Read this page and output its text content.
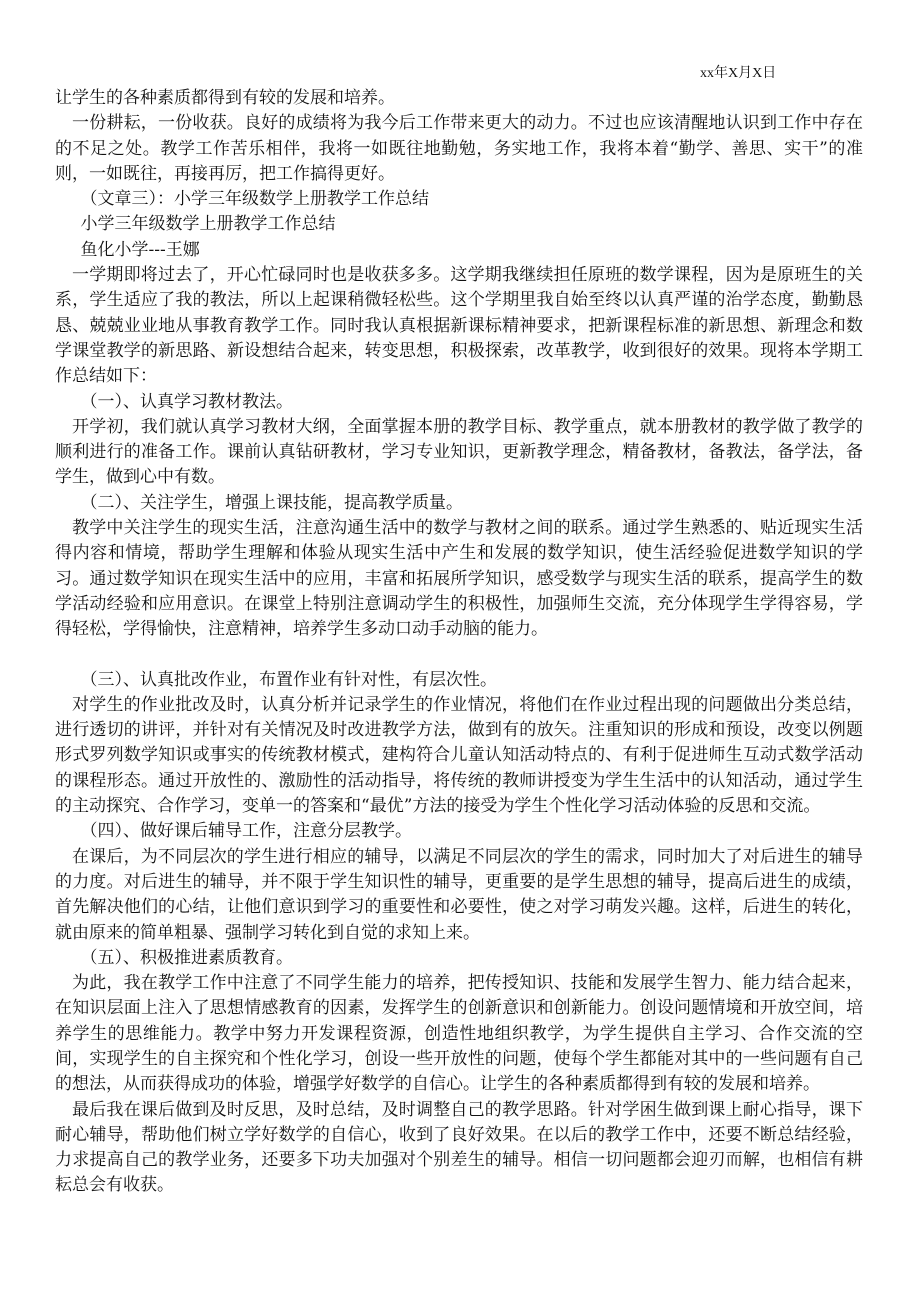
xx年X月X日

让学生的各种素质都得到有较的发展和培养。

一份耕耘，一份收获。良好的成绩将为我今后工作带来更大的动力。不过也应该清醒地认识到工作中存在的不足之处。教学工作苦乐相伴，我将一如既往地勤勉，务实地工作，我将本着“勤学、善思、实干”的准则，一如既往，再接再厉，把工作搞得更好。

（文章三）：小学三年级数学上册教学工作总结

小学三年级数学上册教学工作总结

鱼化小学---王娜

一学期即将过去了，开心忙碌同时也是收获多多。这学期我继续担任原班的数学课程，因为是原班生的关系，学生适应了我的教法，所以上起课稍微轻松些。这个学期里我自始至终以认真严谨的治学态度，勤勤恳恳、兢兢业业地从事教育教学工作。同时我认真根据新课标精神要求，把新课程标准的新思想、新理念和数学课堂教学的新思路、新设想结合起来，转变思想，积极探索，改革教学，收到很好的效果。现将本学期工作总结如下：

（一）、认真学习教材教法。

开学初，我们就认真学习教材大纲，全面掌握本册的教学目标、教学重点，就本册教材的教学做了教学的顺利进行的准备工作。课前认真钻研教材，学习专业知识，更新教学理念，精备教材，备教法，备学法，备学生，做到心中有数。

（二）、关注学生，增强上课技能，提高教学质量。

教学中关注学生的现实生活，注意沟通生活中的数学与教材之间的联系。通过学生熟悉的、贴近现实生活得内容和情境，帮助学生理解和体验从现实生活中产生和发展的数学知识，使生活经验促进数学知识的学习。通过数学知识在现实生活中的应用，丰富和拓展所学知识，感受数学与现实生活的联系，提高学生的数学活动经验和应用意识。在课堂上特别注意调动学生的积极性，加强师生交流，充分体现学生学得容易，学得轻松，学得愉快，注意精神，培养学生多动口动手动脑的能力。

（三）、认真批改作业，布置作业有针对性，有层次性。

对学生的作业批改及时，认真分析并记录学生的作业情况，将他们在作业过程出现的问题做出分类总结，进行透切的讲评，并针对有关情况及时改进教学方法，做到有的放矢。注重知识的形成和预设，改变以例题形式罗列数学知识或事实的传统教材模式，建构符合儿童认知活动特点的、有利于促进师生互动式数学活动的课程形态。通过开放性的、激励性的活动指导，将传统的教师讲授变为学生生活中的认知活动，通过学生的主动探究、合作学习，变单一的答案和“最优”方法的接受为学生个性化学习活动体验的反思和交流。

（四）、做好课后辅导工作，注意分层教学。

在课后，为不同层次的学生进行相应的辅导，以满足不同层次的学生的需求，同时加大了对后进生的辅导的力度。对后进生的辅导，并不限于学生知识性的辅导，更重要的是学生思想的辅导，提高后进生的成绩，首先解决他们的心结，让他们意识到学习的重要性和必要性，使之对学习萌发兴趣。这样，后进生的转化，就由原来的简单粗暴、强制学习转化到自觉的求知上来。

（五）、积极推进素质教育。

为此，我在教学工作中注意了不同学生能力的培养，把传授知识、技能和发展学生智力、能力结合起来，在知识层面上注入了思想情感教育的因素，发挥学生的创新意识和创新能力。创设问题情境和开放空间，培养学生的思维能力。教学中努力开发课程资源，创造性地组织教学，为学生提供自主学习、合作交流的空间，实现学生的自主探究和个性化学习，创设一些开放性的问题，使每个学生都能对其中的一些问题有自己的想法，从而获得成功的体验，增强学好数学的自信心。让学生的各种素质都得到有较的发展和培养。

最后我在课后做到及时反思，及时总结，及时调整自己的教学思路。针对学困生做到课上耐心指导，课下耐心辅导，帮助他们树立学好数学的自信心，收到了良好效果。在以后的教学工作中，还要不断总结经验，力求提高自己的教学业务，还要多下功夫加强对个别差生的辅导。相信一切问题都会迎刃而解，也相信有耕耘总会有收获。
